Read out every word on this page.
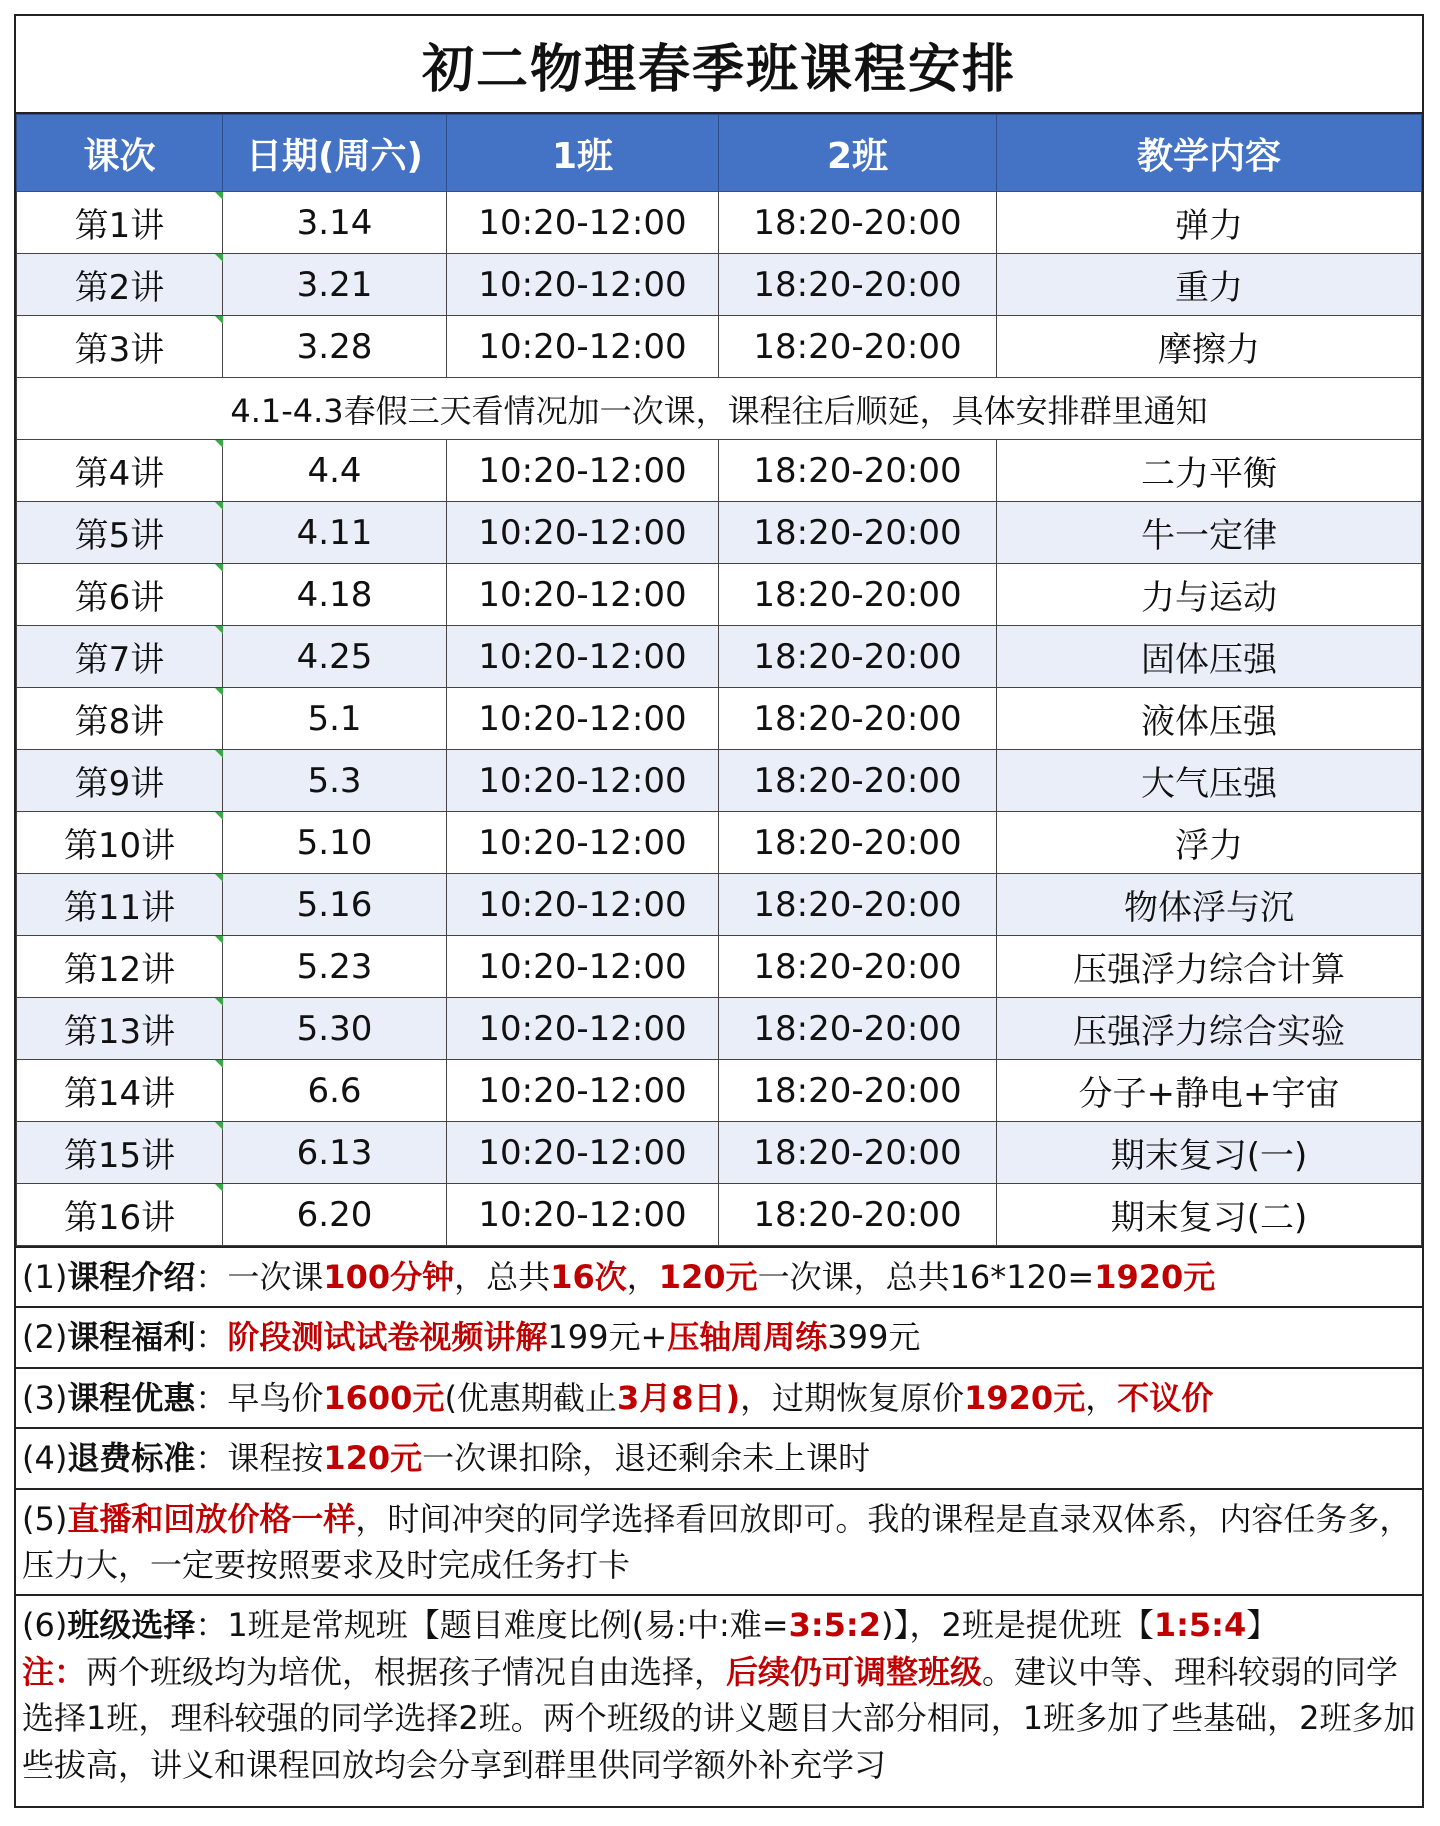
初二物理春季班课程安排
课次	日期(周六)	1班	2班	教学内容
第1讲	3.14	10:20-12:00	18:20-20:00	弹力
第2讲	3.21	10:20-12:00	18:20-20:00	重力
第3讲	3.28	10:20-12:00	18:20-20:00	摩擦力
4.1-4.3春假三天看情况加一次课，课程往后顺延，具体安排群里通知				
第4讲	4.4	10:20-12:00	18:20-20:00	二力平衡
第5讲	4.11	10:20-12:00	18:20-20:00	牛一定律
第6讲	4.18	10:20-12:00	18:20-20:00	力与运动
第7讲	4.25	10:20-12:00	18:20-20:00	固体压强
第8讲	5.1	10:20-12:00	18:20-20:00	液体压强
第9讲	5.3	10:20-12:00	18:20-20:00	大气压强
第10讲	5.10	10:20-12:00	18:20-20:00	浮力
第11讲	5.16	10:20-12:00	18:20-20:00	物体浮与沉
第12讲	5.23	10:20-12:00	18:20-20:00	压强浮力综合计算
第13讲	5.30	10:20-12:00	18:20-20:00	压强浮力综合实验
第14讲	6.6	10:20-12:00	18:20-20:00	分子+静电+宇宙
第15讲	6.13	10:20-12:00	18:20-20:00	期末复习(一)
第16讲	6.20	10:20-12:00	18:20-20:00	期末复习(二)
(1)课程介绍：一次课100分钟，总共16次，120元一次课，总共16*120=1920元
(2)课程福利：阶段测试试卷视频讲解199元+压轴周周练399元
(3)课程优惠：早鸟价1600元(优惠期截止3月8日)，过期恢复原价1920元，不议价
(4)退费标准：课程按120元一次课扣除，退还剩余未上课时
(5)直播和回放价格一样，时间冲突的同学选择看回放即可。我的课程是直录双体系，内容任务多，压力大，一定要按照要求及时完成任务打卡
(6)班级选择：1班是常规班【题目难度比例(易:中:难=3:5:2)】，2班是提优班【1:5:4】
注：两个班级均为培优，根据孩子情况自由选择，后续仍可调整班级。建议中等、理科较弱的同学选择1班，理科较强的同学选择2班。两个班级的讲义题目大部分相同，1班多加了些基础，2班多加些拔高，讲义和课程回放均会分享到群里供同学额外补充学习
